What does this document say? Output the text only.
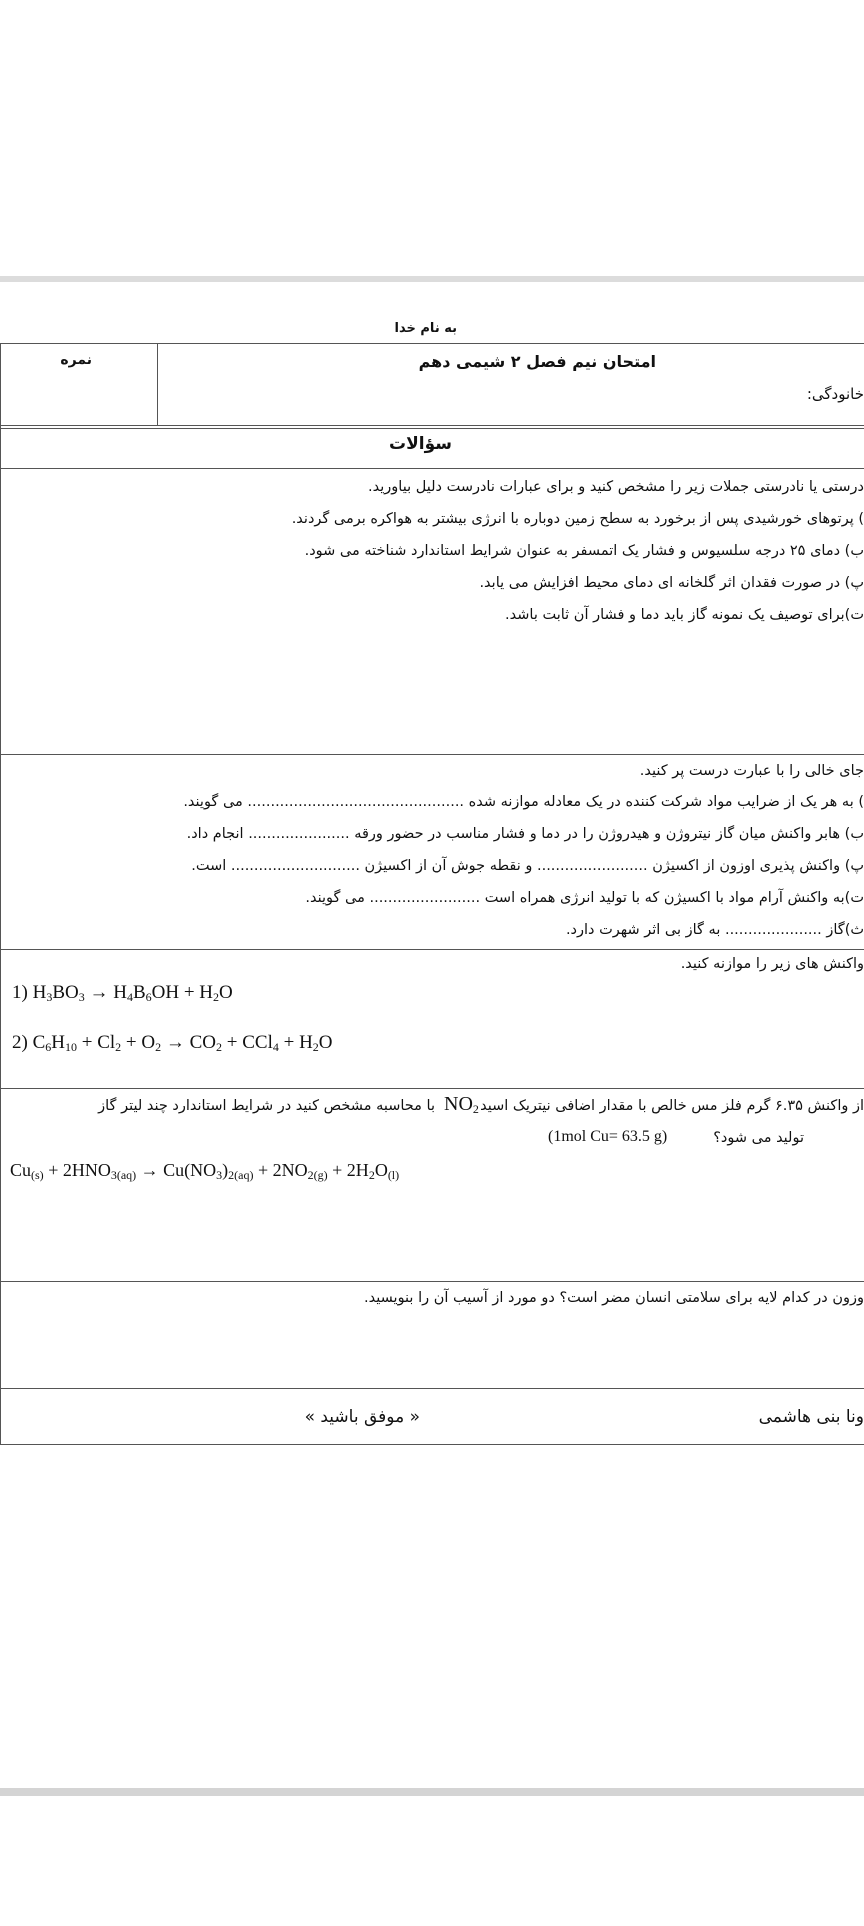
به نام خدا
نمره	امتحان نیم فصل ۲ شیمی دهم
خانودگی:
سؤالات
درستی یا نادرستی جملات زیر را مشخص کنید و برای عبارات نادرست دلیل بیاورید.
) پرتوهای خورشیدی پس از برخورد به سطح زمین دوباره با انرژی بیشتر به هواکره برمی گردند.
ب) دمای ۲۵ درجه سلسیوس و فشار یک اتمسفر به عنوان شرایط استاندارد شناخته می شود.
پ) در صورت فقدان اثر گلخانه ای دمای محیط افزایش می یابد.
ت)برای توصیف یک نمونه گاز باید دما و فشار آن ثابت باشد.
جای خالی را با عبارت درست پر کنید.
) به هر یک از ضرایب مواد شرکت کننده در یک معادله موازنه شده ............................................... می گویند.
ب) هابر واکنش میان گاز نیتروژن و هیدروژن را در دما و فشار مناسب در حضور ورقه ...................... انجام داد.
پ) واکنش پذیری اوزون از اکسیژن ........................ و نقطه جوش آن از اکسیژن ............................ است.
ت)به واکنش آرام مواد با اکسیژن که با تولید انرژی همراه است ........................ می گویند.
ث)گاز ..................... به گاز بی اثر شهرت دارد.
واکنش های زیر را موازنه کنید.
1) $H_3BO_3 \to H_4B_6OH + H_2O$
2) $C_6H_{10} + Cl_2 + O_2 \to CO_2 + CCl_4 + H_2O$
از واکنش ۶.۳۵ گرم فلز مس خالص با مقدار اضافی نیتریک اسید
$NO_2$
با محاسبه مشخص کنید در شرایط استاندارد چند لیتر گاز
تولید می شود؟
(1mol Cu= 63.5 g)
$Cu_{(s)} + 2HNO_{3(aq)} \to Cu(NO_3)_{2(aq)} + 2NO_{2(g)} + 2H_2O_{(l)}$
وزون در کدام لایه برای سلامتی انسان مضر است؟ دو مورد از آسیب آن را بنویسید.
« موفق باشید »	ونا بنی هاشمی
